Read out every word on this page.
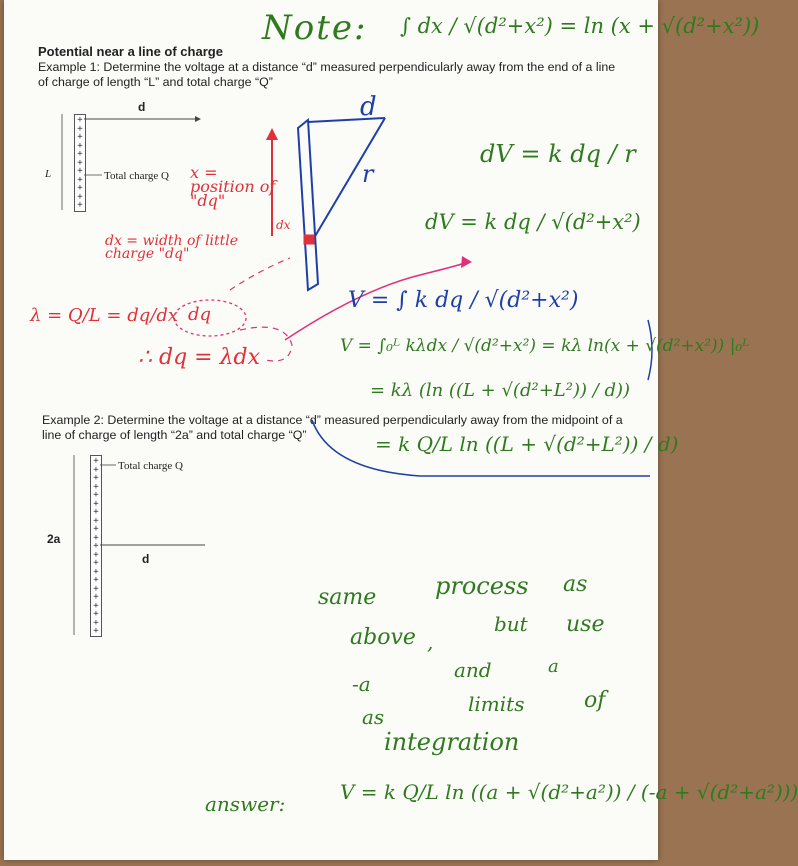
Potential near a line of charge
Example 1: Determine the voltage at a distance “d” measured perpendicularly away from the end of a line of charge of length “L” and total charge “Q”
Example 2: Determine the voltage at a distance “d” measured perpendicularly away from the midpoint of a line of charge of length “2a” and total charge “Q”
d
L	Total charge Q
+
+
+
+
+
+
+
+
+
+
+
Total charge Q
2a
d
+
+
+
+
+
+
+
+
+
+
+
+
+
+
+
+
+
+
+
+
+
Note: ∫ dx / √(d²+x²) = ln (x + √(d²+x²))
d
r
V = ∫ k dq / √(d²+x²)
dV = k dq / r
dV = k dq / √(d²+x²)
V = ∫₀ᴸ kλdx / √(d²+x²) = kλ ln(x + √(d²+x²)) |₀ᴸ
= kλ (ln ((L + √(d²+L²)) / d))
= k Q/L ln ((L + √(d²+L²)) / d)
x = position of "dq"
dx = width of little charge "dq"
dx
λ = Q/L = dq/dx dq
∴ dq = λdx
same process as
above ,
but use
-a
and	a
as
limits	of
integration
answer:	V = k Q/L ln ((a + √(d²+a²)) / (-a + √(d²+a²)))
